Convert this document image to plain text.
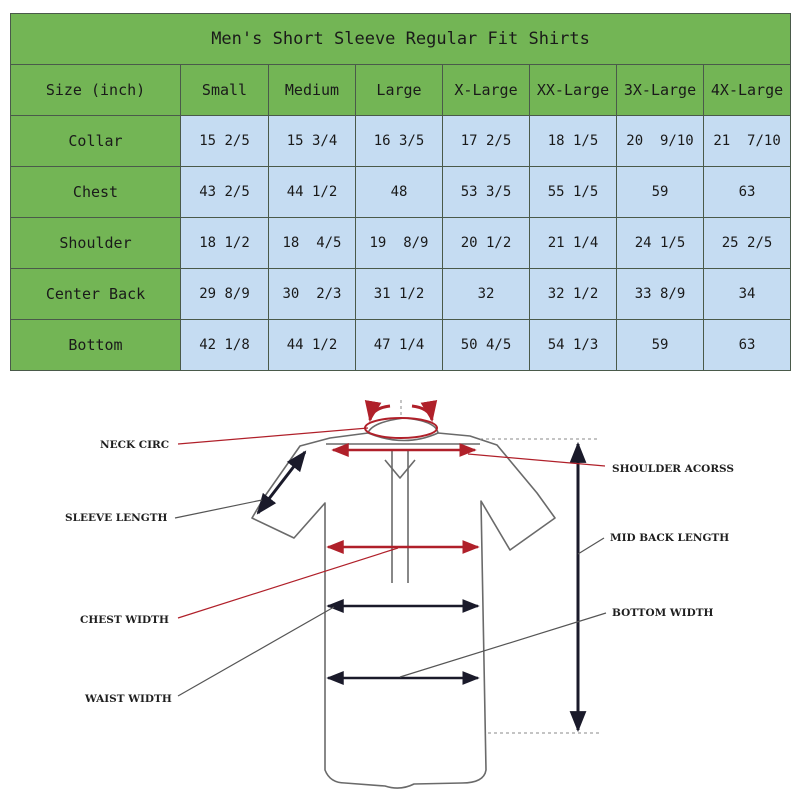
Men's Short Sleeve Regular Fit Shirts							
Size (inch)	Small	Medium	Large	X-Large	XX-Large	3X-Large	4X-Large
Collar	15 2/5	15 3/4	16 3/5	17 2/5	18 1/5	20  9/10	21  7/10
Chest	43 2/5	44 1/2	48	53 3/5	55 1/5	59	63
Shoulder	18 1/2	18  4/5	19  8/9	20 1/2	21 1/4	24 1/5	25 2/5
Center Back	29 8/9	30  2/3	31 1/2	32	32 1/2	33 8/9	34
Bottom	42 1/8	44 1/2	47 1/4	50 4/5	54 1/3	59	63
NECK CIRC
SLEEVE LENGTH
CHEST WIDTH
WAIST WIDTH
SHOULDER ACORSS
MID BACK LENGTH
BOTTOM WIDTH
